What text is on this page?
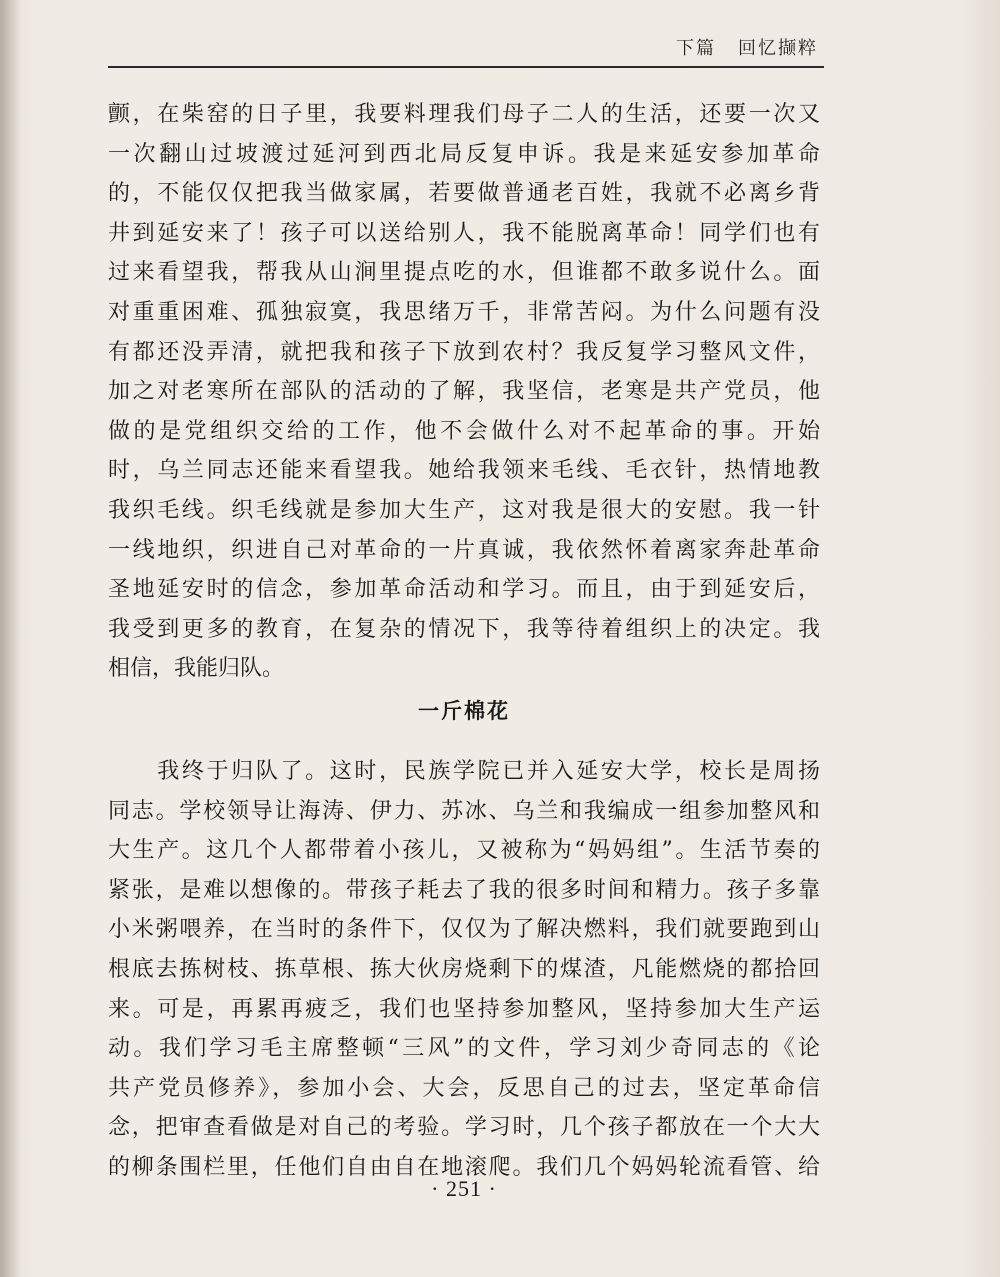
下篇 回忆撷粹
颤，在柴窑的日子里，我要料理我们母子二人的生活，还要一次又
一次翻山过坡渡过延河到西北局反复申诉。我是来延安参加革命
的，不能仅仅把我当做家属，若要做普通老百姓，我就不必离乡背
井到延安来了！孩子可以送给别人，我不能脱离革命！同学们也有
过来看望我，帮我从山涧里提点吃的水，但谁都不敢多说什么。面
对重重困难、孤独寂寞，我思绪万千，非常苦闷。为什么问题有没
有都还没弄清，就把我和孩子下放到农村？我反复学习整风文件，
加之对老寒所在部队的活动的了解，我坚信，老寒是共产党员，他
做的是党组织交给的工作，他不会做什么对不起革命的事。开始
时，乌兰同志还能来看望我。她给我领来毛线、毛衣针，热情地教
我织毛线。织毛线就是参加大生产，这对我是很大的安慰。我一针
一线地织，织进自己对革命的一片真诚，我依然怀着离家奔赴革命
圣地延安时的信念，参加革命活动和学习。而且，由于到延安后，
我受到更多的教育，在复杂的情况下，我等待着组织上的决定。我
相信，我能归队。
一斤棉花
　　我终于归队了。这时，民族学院已并入延安大学，校长是周扬
同志。学校领导让海涛、伊力、苏冰、乌兰和我编成一组参加整风和
大生产。这几个人都带着小孩儿，又被称为“妈妈组”。生活节奏的
紧张，是难以想像的。带孩子耗去了我的很多时间和精力。孩子多靠
小米粥喂养，在当时的条件下，仅仅为了解决燃料，我们就要跑到山
根底去拣树枝、拣草根、拣大伙房烧剩下的煤渣，凡能燃烧的都拾回
来。可是，再累再疲乏，我们也坚持参加整风，坚持参加大生产运
动。我们学习毛主席整顿“三风”的文件，学习刘少奇同志的《论
共产党员修养》，参加小会、大会，反思自己的过去，坚定革命信
念，把审查看做是对自己的考验。学习时，几个孩子都放在一个大大
的柳条围栏里，任他们自由自在地滚爬。我们几个妈妈轮流看管、给
· 251 ·
